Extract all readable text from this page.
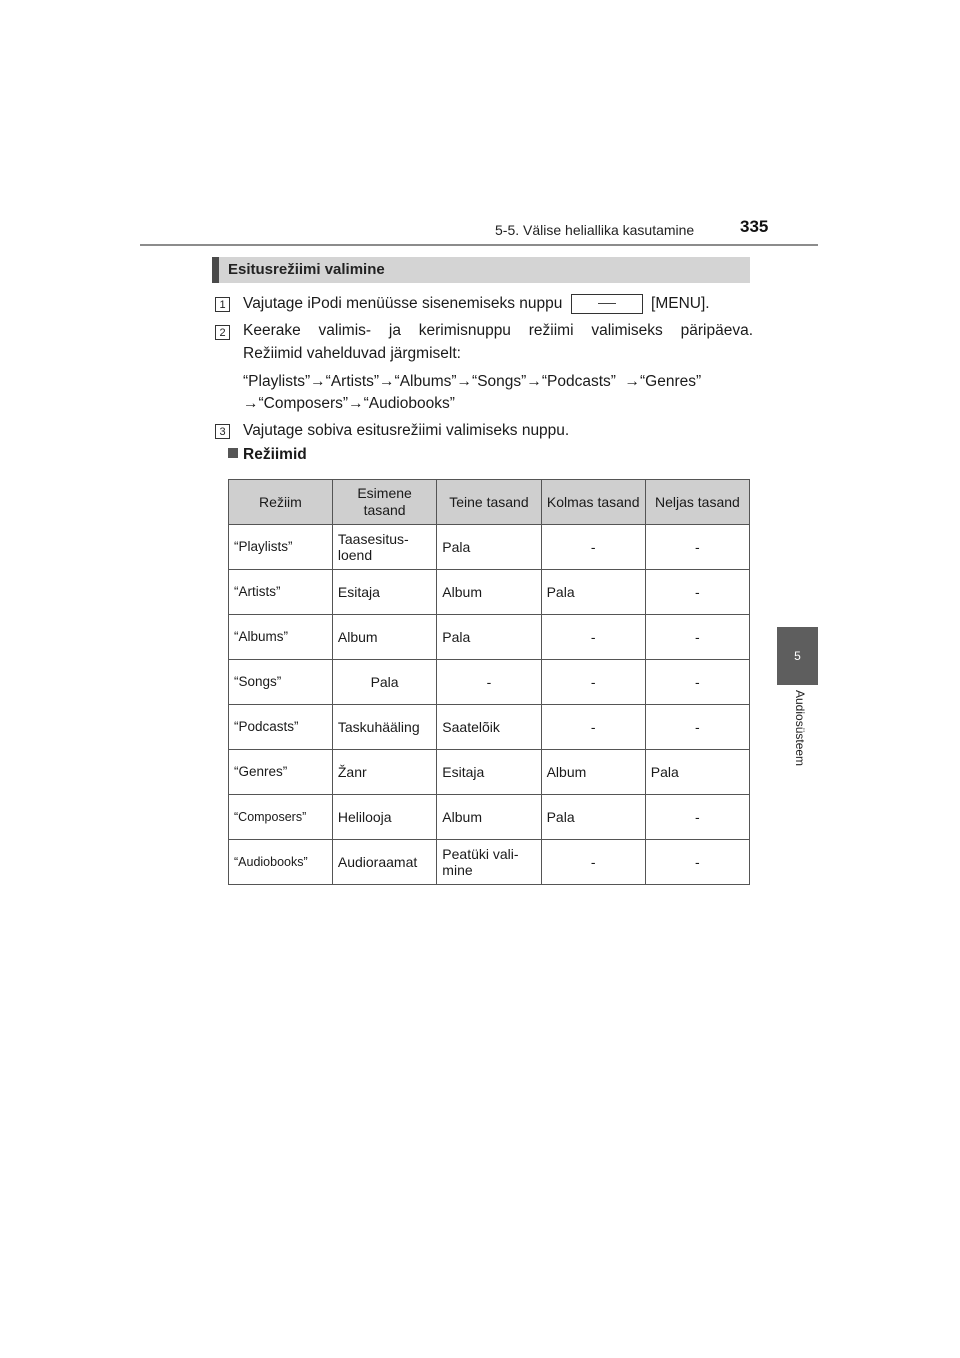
5-5. Välise heliallika kasutamine	335
5
Audiosüsteem
Esitusrežiimi valimine
1 Vajutage iPodi menüüsse sisenemiseks nuppu	[MENU].
2 Keerake valimis- ja kerimisnuppu režiimi valimiseks päripäeva.
Režiimid vahelduvad järgmiselt:
“Playlists”→“Artists”→“Albums”→“Songs”→“Podcasts”  →“Genres”
→“Composers”→“Audiobooks”
3 Vajutage sobiva esitusrežiimi valimiseks nuppu.
Režiimid
Režiim	Esimene tasand	Teine tasand	Kolmas tasand	Neljas tasand
“Playlists”	Taasesitus-loend	Pala	-	-
“Artists”	Esitaja	Album	Pala	-
“Albums”	Album	Pala	-	-
“Songs”	Pala	-	-	-
“Podcasts”	Taskuhääling	Saatelõik	-	-
“Genres”	Žanr	Esitaja	Album	Pala
“Composers”	Helilooja	Album	Pala	-
“Audiobooks”	Audioraamat	Peatüki vali-mine	-	-
